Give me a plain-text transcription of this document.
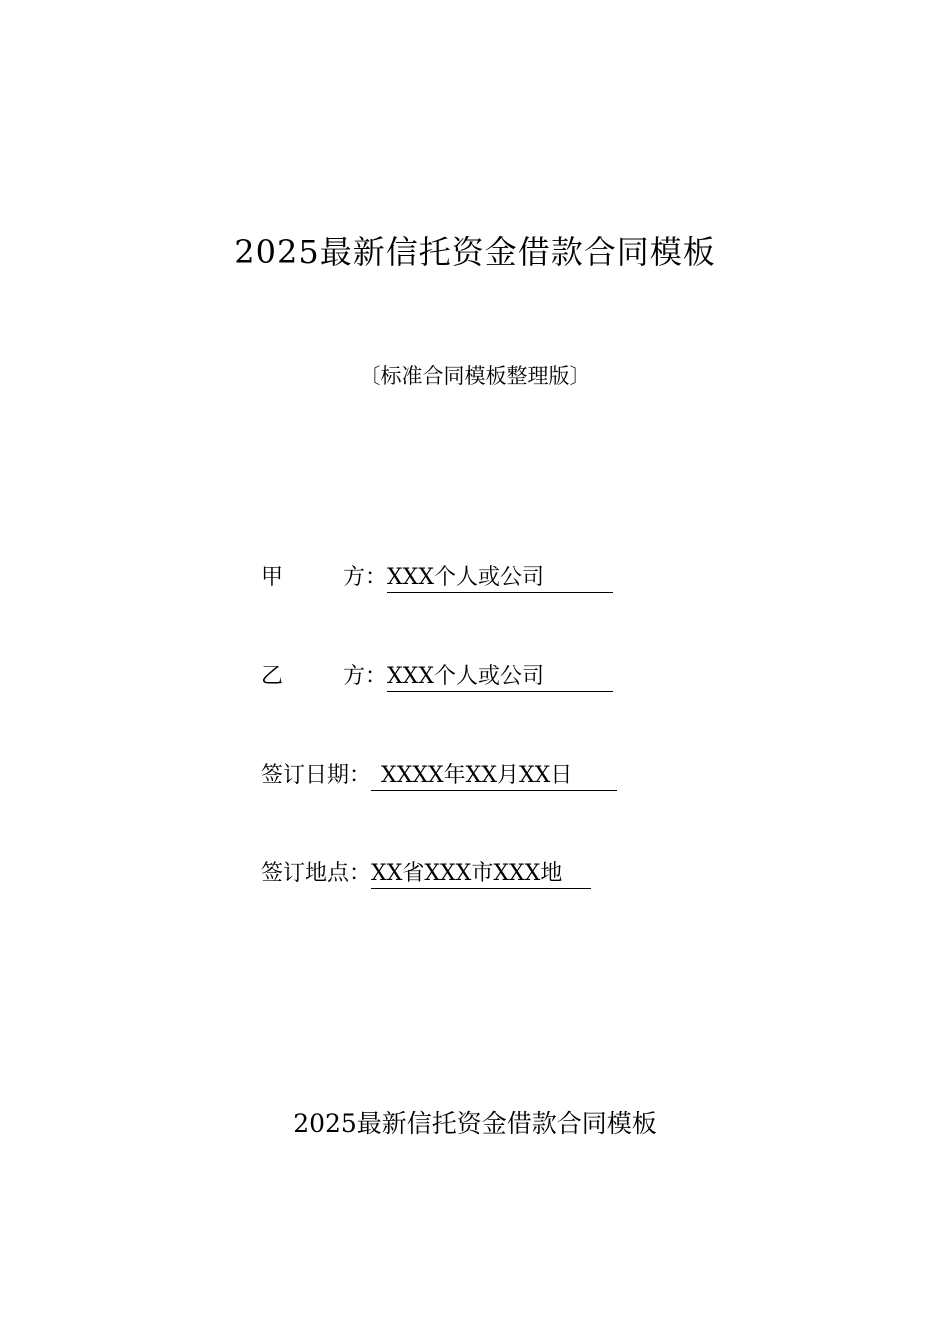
2025最新信托资金借款合同模板
〔标准合同模板整理版〕
甲	方 ： XXX个人或公司
乙	方 ： XXX个人或公司
签订日期 ： XXXX年XX月XX日
签订地点 ： XX省XXX市XXX地
2025最新信托资金借款合同模板
